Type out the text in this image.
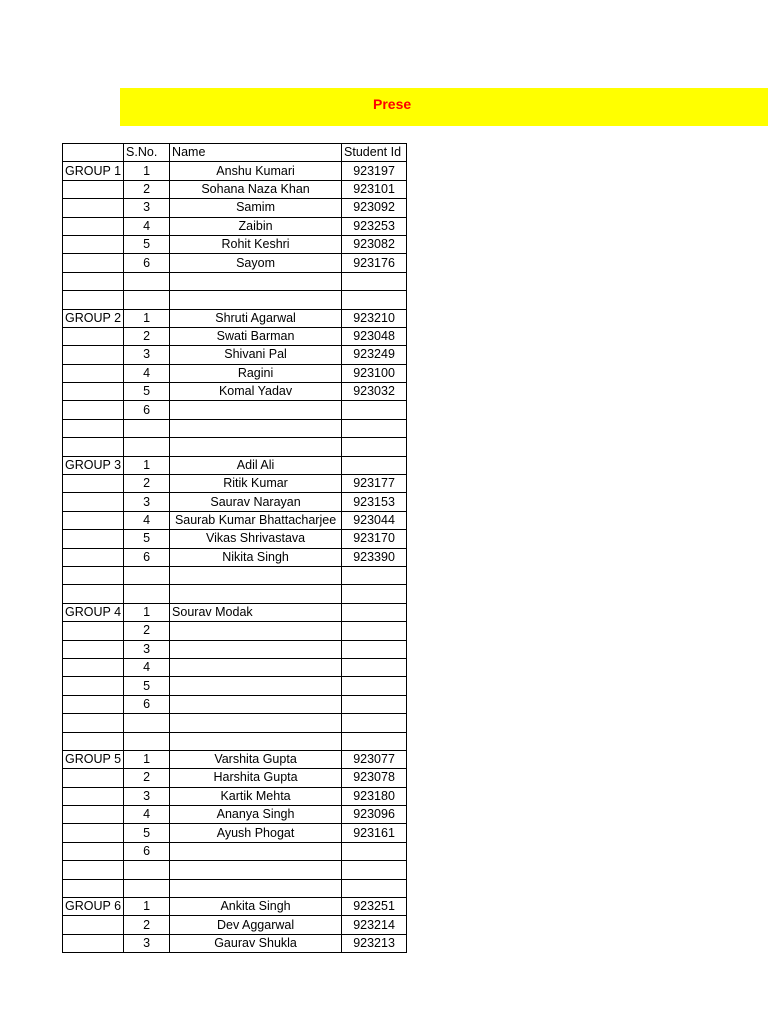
Prese
	S.No.	Name	Student Id
GROUP 1	1	Anshu Kumari	923197
	2	Sohana Naza Khan	923101
	3	Samim	923092
	4	Zaibin	923253
	5	Rohit Keshri	923082
	6	Sayom	923176

GROUP 2	1	Shruti Agarwal	923210
	2	Swati Barman	923048
	3	Shivani Pal	923249
	4	Ragini	923100
	5	Komal Yadav	923032
	6		

GROUP 3	1	Adil Ali	
	2	Ritik Kumar	923177
	3	Saurav Narayan	923153
	4	Saurab Kumar Bhattacharjee	923044
	5	Vikas Shrivastava	923170
	6	Nikita Singh	923390

GROUP 4	1	Sourav Modak	
	2		
	3		
	4		
	5		
	6		

GROUP 5	1	Varshita Gupta	923077
	2	Harshita Gupta	923078
	3	Kartik Mehta	923180
	4	Ananya Singh	923096
	5	Ayush Phogat	923161
	6		

GROUP 6	1	Ankita Singh	923251
	2	Dev Aggarwal	923214
	3	Gaurav Shukla	923213
